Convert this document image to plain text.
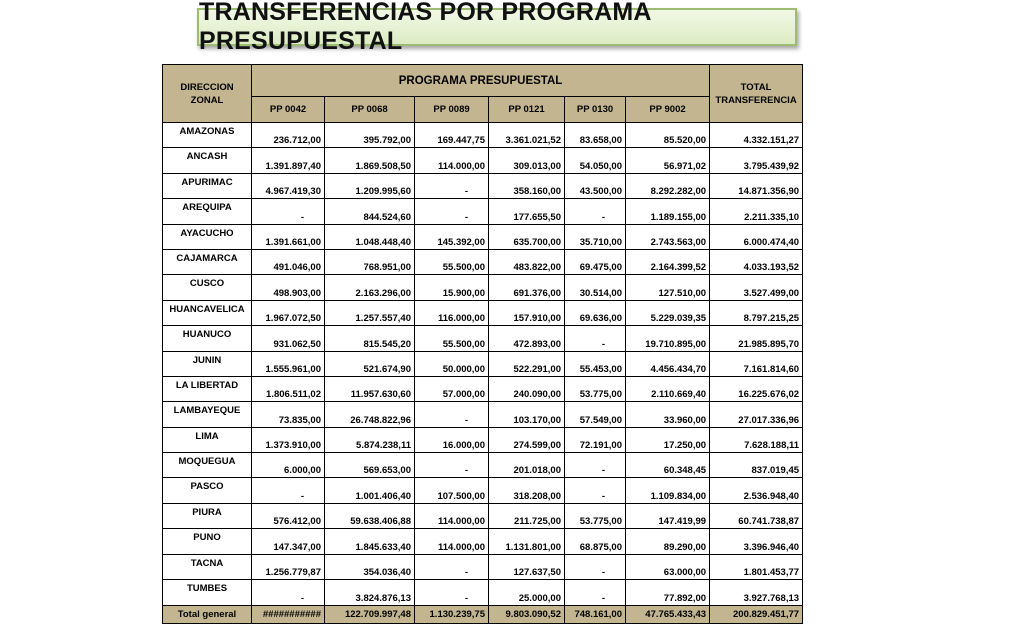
TRANSFERENCIAS POR PROGRAMA PRESUPUESTAL
DIRECCION
ZONAL	PROGRAMA PRESUPUESTAL						TOTAL
TRANSFERENCIA
	PP 0042	PP 0068	PP 0089	PP 0121	PP 0130	PP 9002	
AMAZONAS	236.712,00	395.792,00	169.447,75	3.361.021,52	83.658,00	85.520,00	4.332.151,27
ANCASH	1.391.897,40	1.869.508,50	114.000,00	309.013,00	54.050,00	56.971,02	3.795.439,92
APURIMAC	4.967.419,30	1.209.995,60	-	358.160,00	43.500,00	8.292.282,00	14.871.356,90
AREQUIPA	-	844.524,60	-	177.655,50	-	1.189.155,00	2.211.335,10
AYACUCHO	1.391.661,00	1.048.448,40	145.392,00	635.700,00	35.710,00	2.743.563,00	6.000.474,40
CAJAMARCA	491.046,00	768.951,00	55.500,00	483.822,00	69.475,00	2.164.399,52	4.033.193,52
CUSCO	498.903,00	2.163.296,00	15.900,00	691.376,00	30.514,00	127.510,00	3.527.499,00
HUANCAVELICA	1.967.072,50	1.257.557,40	116.000,00	157.910,00	69.636,00	5.229.039,35	8.797.215,25
HUANUCO	931.062,50	815.545,20	55.500,00	472.893,00	-	19.710.895,00	21.985.895,70
JUNIN	1.555.961,00	521.674,90	50.000,00	522.291,00	55.453,00	4.456.434,70	7.161.814,60
LA LIBERTAD	1.806.511,02	11.957.630,60	57.000,00	240.090,00	53.775,00	2.110.669,40	16.225.676,02
LAMBAYEQUE	73.835,00	26.748.822,96	-	103.170,00	57.549,00	33.960,00	27.017.336,96
LIMA	1.373.910,00	5.874.238,11	16.000,00	274.599,00	72.191,00	17.250,00	7.628.188,11
MOQUEGUA	6.000,00	569.653,00	-	201.018,00	-	60.348,45	837.019,45
PASCO	-	1.001.406,40	107.500,00	318.208,00	-	1.109.834,00	2.536.948,40
PIURA	576.412,00	59.638.406,88	114.000,00	211.725,00	53.775,00	147.419,99	60.741.738,87
PUNO	147.347,00	1.845.633,40	114.000,00	1.131.801,00	68.875,00	89.290,00	3.396.946,40
TACNA	1.256.779,87	354.036,40	-	127.637,50	-	63.000,00	1.801.453,77
TUMBES	-	3.824.876,13	-	25.000,00	-	77.892,00	3.927.768,13
Total general	###########	122.709.997,48	1.130.239,75	9.803.090,52	748.161,00	47.765.433,43	200.829.451,77
